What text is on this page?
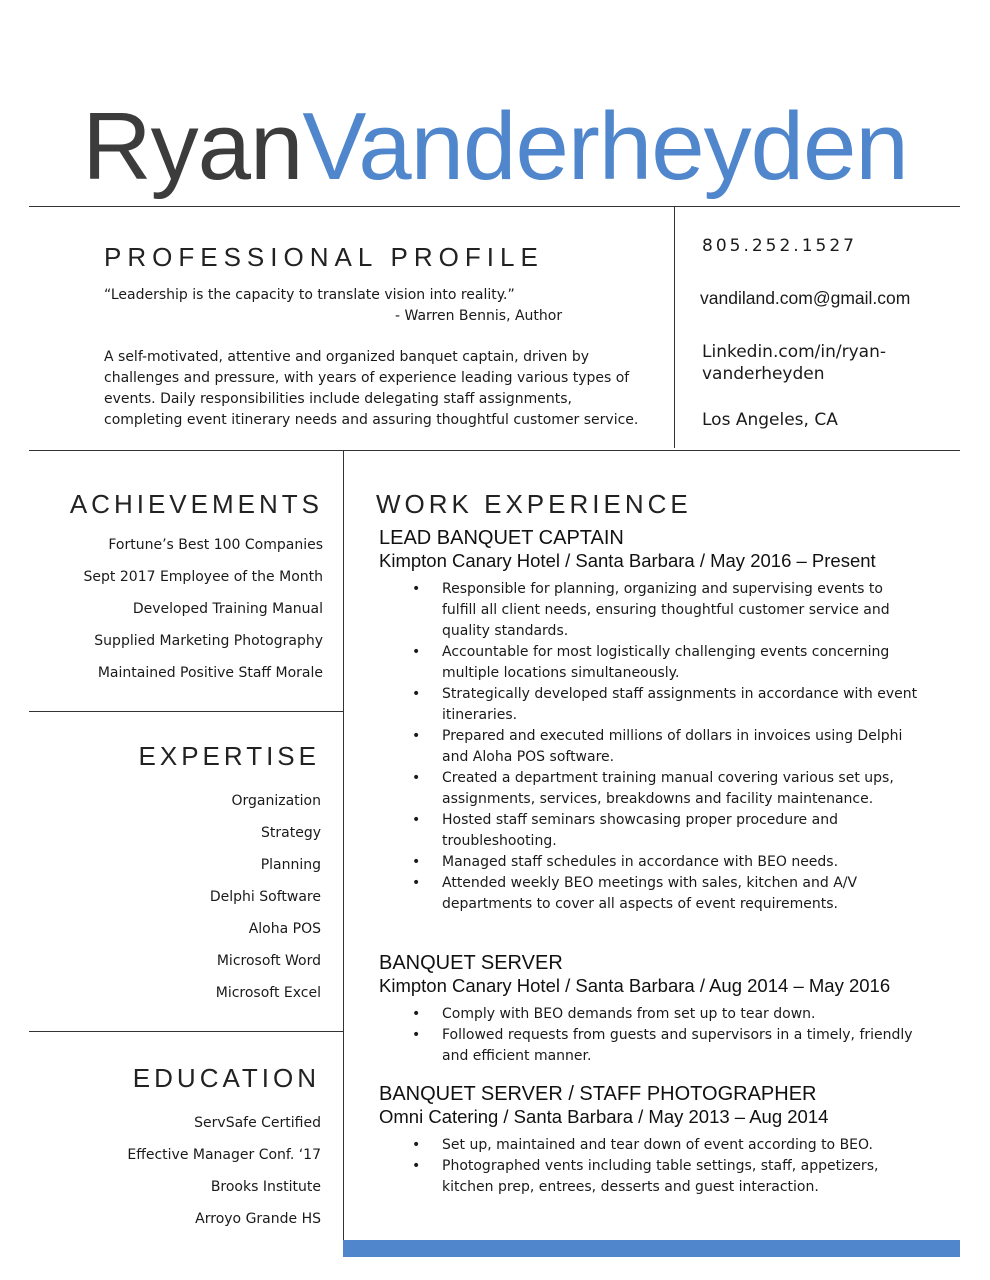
RyanVanderheyden
PROFESSIONAL PROFILE
“Leadership is the capacity to translate vision into reality.”
- Warren Bennis, Author
A self-motivated, attentive and organized banquet captain, driven by challenges and pressure, with years of experience leading various types of events. Daily responsibilities include delegating staff assignments, completing event itinerary needs and assuring thoughtful customer service.
805.252.1527
vandiland.com@gmail.com
Linkedin.com/in/ryan-
vanderheyden
Los Angeles, CA
ACHIEVEMENTS
Fortune’s Best 100 Companies
Sept 2017 Employee of the Month
Developed Training Manual
Supplied Marketing Photography
Maintained Positive Staff Morale
EXPERTISE
Organization
Strategy
Planning
Delphi Software
Aloha POS
Microsoft Word
Microsoft Excel
EDUCATION
ServSafe Certified
Effective Manager Conf. ‘17
Brooks Institute
Arroyo Grande HS
WORK EXPERIENCE
LEAD BANQUET CAPTAIN
Kimpton Canary Hotel / Santa Barbara / May 2016 – Present
• Responsible for planning, organizing and supervising events to fulfill all client needs, ensuring thoughtful customer service and quality standards.
• Accountable for most logistically challenging events concerning multiple locations simultaneously.
• Strategically developed staff assignments in accordance with event itineraries.
• Prepared and executed millions of dollars in invoices using Delphi and Aloha POS software.
• Created a department training manual covering various set ups, assignments, services, breakdowns and facility maintenance.
• Hosted staff seminars showcasing proper procedure and troubleshooting.
• Managed staff schedules in accordance with BEO needs.
• Attended weekly BEO meetings with sales, kitchen and A/V departments to cover all aspects of event requirements.
BANQUET SERVER
Kimpton Canary Hotel / Santa Barbara / Aug 2014 – May 2016
• Comply with BEO demands from set up to tear down.
• Followed requests from guests and supervisors in a timely, friendly and efficient manner.
BANQUET SERVER / STAFF PHOTOGRAPHER
Omni Catering / Santa Barbara / May 2013 – Aug 2014
• Set up, maintained and tear down of event according to BEO.
• Photographed vents including table settings, staff, appetizers, kitchen prep, entrees, desserts and guest interaction.
